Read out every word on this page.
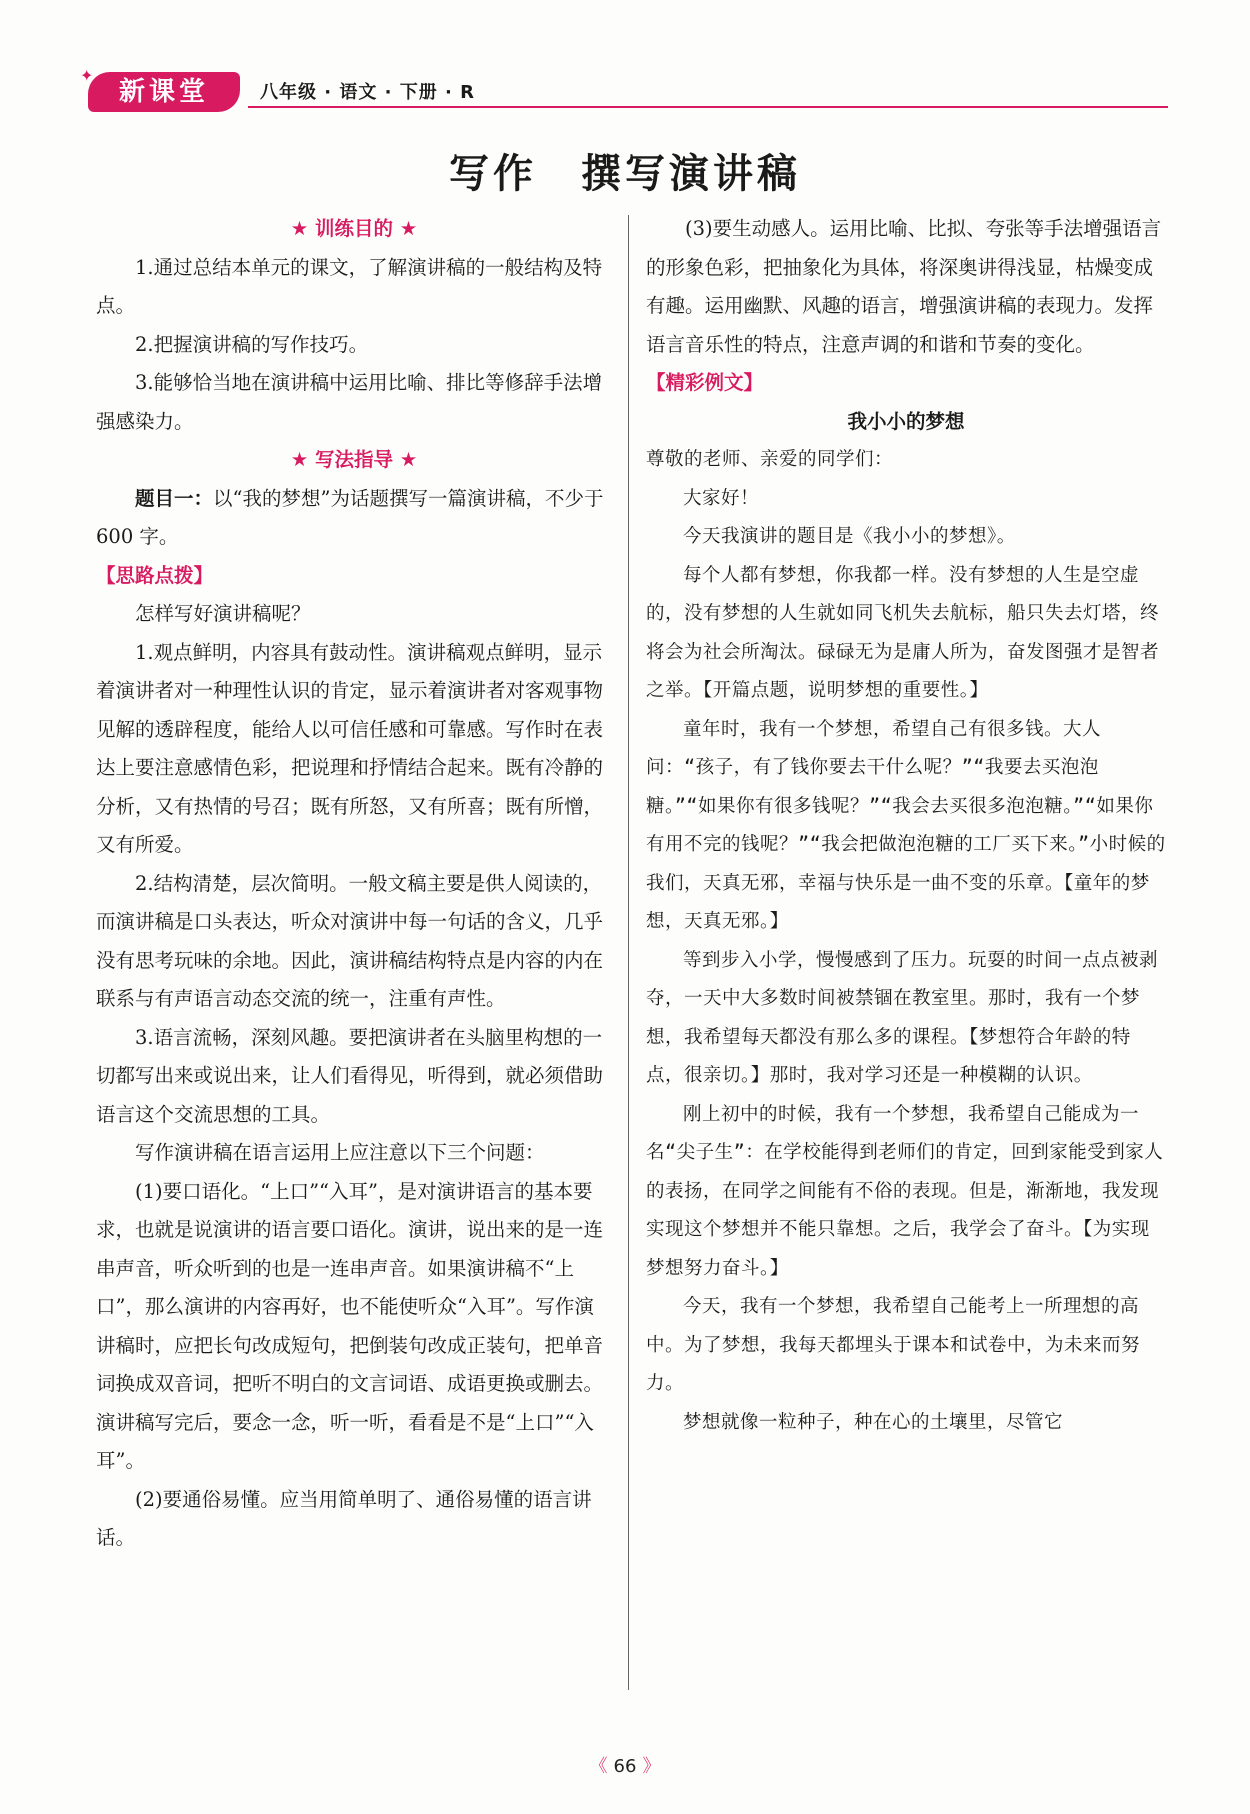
✦
新课堂	八年级 · 语文 · 下册 · R
写作　撰写演讲稿

★ 训练目的 ★

1.通过总结本单元的课文，了解演讲稿的一般结构及特点。

2.把握演讲稿的写作技巧。

3.能够恰当地在演讲稿中运用比喻、排比等修辞手法增强感染力。

★ 写法指导 ★

题目一：以“我的梦想”为话题撰写一篇演讲稿，不少于 600 字。

【思路点拨】

怎样写好演讲稿呢？

1.观点鲜明，内容具有鼓动性。演讲稿观点鲜明，显示着演讲者对一种理性认识的肯定，显示着演讲者对客观事物见解的透辟程度，能给人以可信任感和可靠感。写作时在表达上要注意感情色彩，把说理和抒情结合起来。既有冷静的分析，又有热情的号召；既有所怒，又有所喜；既有所憎，又有所爱。

2.结构清楚，层次简明。一般文稿主要是供人阅读的，而演讲稿是口头表达，听众对演讲中每一句话的含义，几乎没有思考玩味的余地。因此，演讲稿结构特点是内容的内在联系与有声语言动态交流的统一，注重有声性。

3.语言流畅，深刻风趣。要把演讲者在头脑里构想的一切都写出来或说出来，让人们看得见，听得到，就必须借助语言这个交流思想的工具。

写作演讲稿在语言运用上应注意以下三个问题：

(1)要口语化。“上口”“入耳”，是对演讲语言的基本要求，也就是说演讲的语言要口语化。演讲，说出来的是一连串声音，听众听到的也是一连串声音。如果演讲稿不“上口”，那么演讲的内容再好，也不能使听众“入耳”。写作演讲稿时，应把长句改成短句，把倒装句改成正装句，把单音词换成双音词，把听不明白的文言词语、成语更换或删去。演讲稿写完后，要念一念，听一听，看看是不是“上口”“入耳”。

(2)要通俗易懂。应当用简单明了、通俗易懂的语言讲话。

(3)要生动感人。运用比喻、比拟、夸张等手法增强语言的形象色彩，把抽象化为具体，将深奥讲得浅显，枯燥变成有趣。运用幽默、风趣的语言，增强演讲稿的表现力。发挥语言音乐性的特点，注意声调的和谐和节奏的变化。

【精彩例文】

我小小的梦想

尊敬的老师、亲爱的同学们：

大家好！

今天我演讲的题目是《我小小的梦想》。

每个人都有梦想，你我都一样。没有梦想的人生是空虚的，没有梦想的人生就如同飞机失去航标，船只失去灯塔，终将会为社会所淘汰。碌碌无为是庸人所为，奋发图强才是智者之举。【开篇点题，说明梦想的重要性。】

童年时，我有一个梦想，希望自己有很多钱。大人问：“孩子，有了钱你要去干什么呢？”“我要去买泡泡糖。”“如果你有很多钱呢？”“我会去买很多泡泡糖。”“如果你有用不完的钱呢？”“我会把做泡泡糖的工厂买下来。”小时候的我们，天真无邪，幸福与快乐是一曲不变的乐章。【童年的梦想，天真无邪。】

等到步入小学，慢慢感到了压力。玩耍的时间一点点被剥夺，一天中大多数时间被禁锢在教室里。那时，我有一个梦想，我希望每天都没有那么多的课程。【梦想符合年龄的特点，很亲切。】那时，我对学习还是一种模糊的认识。

刚上初中的时候，我有一个梦想，我希望自己能成为一名“尖子生”：在学校能得到老师们的肯定，回到家能受到家人的表扬，在同学之间能有不俗的表现。但是，渐渐地，我发现实现这个梦想并不能只靠想。之后，我学会了奋斗。【为实现梦想努力奋斗。】

今天，我有一个梦想，我希望自己能考上一所理想的高中。为了梦想，我每天都埋头于课本和试卷中，为未来而努力。

梦想就像一粒种子，种在心的土壤里，尽管它

《 66 》
